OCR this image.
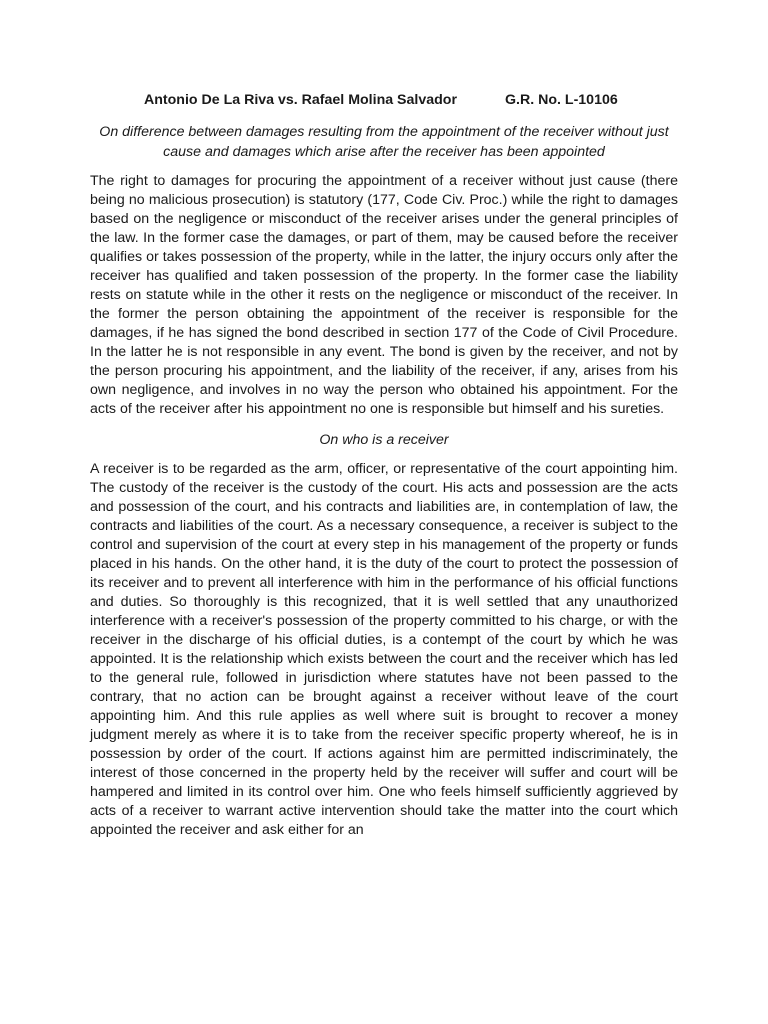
Antonio De La Riva vs. Rafael Molina Salvador	G.R. No. L-10106
On difference between damages resulting from the appointment of the receiver without just cause and damages which arise after the receiver has been appointed
The right to damages for procuring the appointment of a receiver without just cause (there being no malicious prosecution) is statutory (177, Code Civ. Proc.) while the right to damages based on the negligence or misconduct of the receiver arises under the general principles of the law. In the former case the damages, or part of them, may be caused before the receiver qualifies or takes possession of the property, while in the latter, the injury occurs only after the receiver has qualified and taken possession of the property. In the former case the liability rests on statute while in the other it rests on the negligence or misconduct of the receiver. In the former the person obtaining the appointment of the receiver is responsible for the damages, if he has signed the bond described in section 177 of the Code of Civil Procedure. In the latter he is not responsible in any event. The bond is given by the receiver, and not by the person procuring his appointment, and the liability of the receiver, if any, arises from his own negligence, and involves in no way the person who obtained his appointment. For the acts of the receiver after his appointment no one is responsible but himself and his sureties.
On who is a receiver
A receiver is to be regarded as the arm, officer, or representative of the court appointing him. The custody of the receiver is the custody of the court. His acts and possession are the acts and possession of the court, and his contracts and liabilities are, in contemplation of law, the contracts and liabilities of the court. As a necessary consequence, a receiver is subject to the control and supervision of the court at every step in his management of the property or funds placed in his hands. On the other hand, it is the duty of the court to protect the possession of its receiver and to prevent all interference with him in the performance of his official functions and duties. So thoroughly is this recognized, that it is well settled that any unauthorized interference with a receiver's possession of the property committed to his charge, or with the receiver in the discharge of his official duties, is a contempt of the court by which he was appointed. It is the relationship which exists between the court and the receiver which has led to the general rule, followed in jurisdiction where statutes have not been passed to the contrary, that no action can be brought against a receiver without leave of the court appointing him. And this rule applies as well where suit is brought to recover a money judgment merely as where it is to take from the receiver specific property whereof, he is in possession by order of the court. If actions against him are permitted indiscriminately, the interest of those concerned in the property held by the receiver will suffer and court will be hampered and limited in its control over him. One who feels himself sufficiently aggrieved by acts of a receiver to warrant active intervention should take the matter into the court which appointed the receiver and ask either for an
